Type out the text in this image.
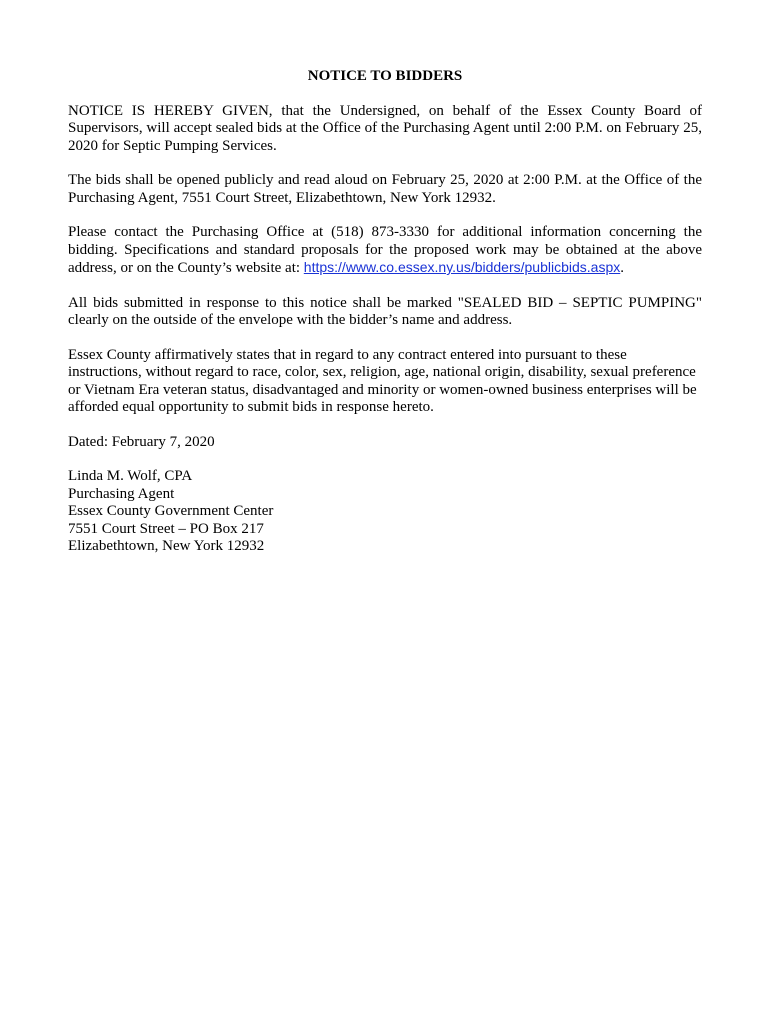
NOTICE TO BIDDERS

NOTICE IS HEREBY GIVEN, that the Undersigned, on behalf of the Essex County Board of Supervisors, will accept sealed bids at the Office of the Purchasing Agent until 2:00 P.M. on February 25, 2020 for Septic Pumping Services.

The bids shall be opened publicly and read aloud on February 25, 2020 at 2:00 P.M. at the Office of the Purchasing Agent, 7551 Court Street, Elizabethtown, New York 12932.

Please contact the Purchasing Office at (518) 873-3330 for additional information concerning the bidding. Specifications and standard proposals for the proposed work may be obtained at the above address, or on the County’s website at: https://www.co.essex.ny.us/bidders/publicbids.aspx.

All bids submitted in response to this notice shall be marked "SEALED BID – SEPTIC PUMPING" clearly on the outside of the envelope with the bidder’s name and address.

Essex County affirmatively states that in regard to any contract entered into pursuant to these instructions, without regard to race, color, sex, religion, age, national origin, disability, sexual preference or Vietnam Era veteran status, disadvantaged and minority or women-owned business enterprises will be afforded equal opportunity to submit bids in response hereto.

Dated: February 7, 2020

Linda M. Wolf, CPA
Purchasing Agent
Essex County Government Center
7551 Court Street – PO Box 217
Elizabethtown, New York 12932
